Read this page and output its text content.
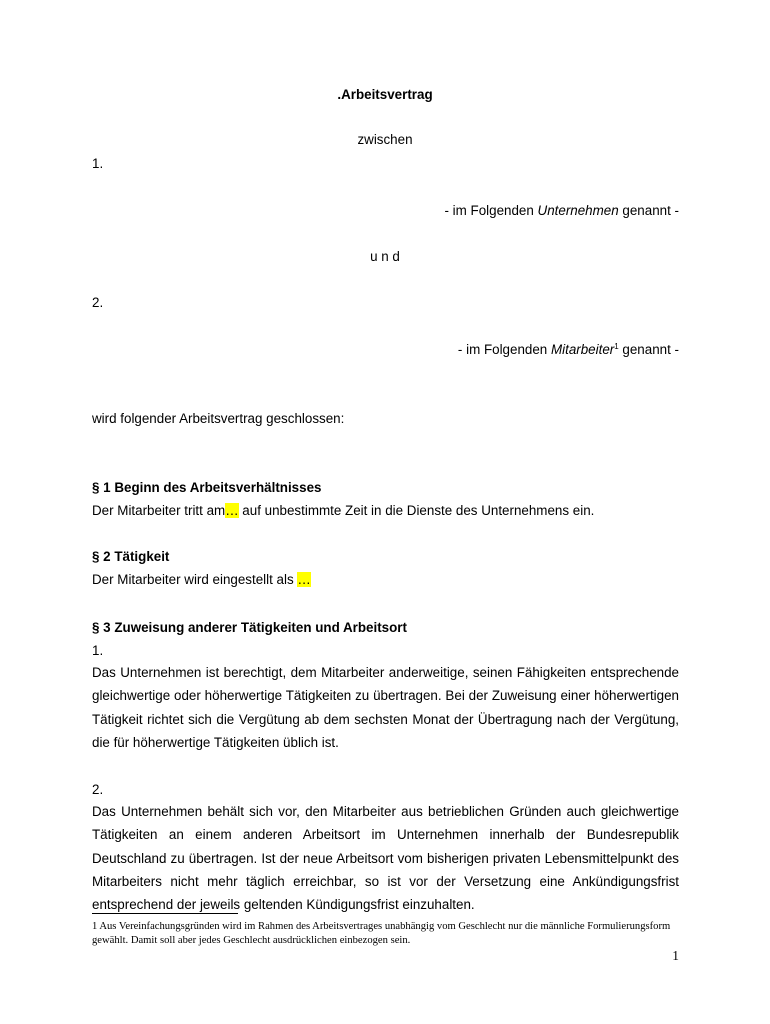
.Arbeitsvertrag
zwischen
1.
- im Folgenden Unternehmen genannt -
u n d
2.
- im Folgenden Mitarbeiter$^1$ genannt -
wird folgender Arbeitsvertrag geschlossen:
§ 1 Beginn des Arbeitsverhältnisses
Der Mitarbeiter tritt am… auf unbestimmte Zeit in die Dienste des Unternehmens ein.
§ 2 Tätigkeit
Der Mitarbeiter wird eingestellt als …
§ 3 Zuweisung anderer Tätigkeiten und Arbeitsort
1.
Das Unternehmen ist berechtigt, dem Mitarbeiter anderweitige, seinen Fähigkeiten entsprechende gleichwertige oder höherwertige Tätigkeiten zu übertragen. Bei der Zuweisung einer höherwertigen Tätigkeit richtet sich die Vergütung ab dem sechsten Monat der Übertragung nach der Vergütung, die für höherwertige Tätigkeiten üblich ist.
2.
Das Unternehmen behält sich vor, den Mitarbeiter aus betrieblichen Gründen auch gleichwertige Tätigkeiten an einem anderen Arbeitsort im Unternehmen innerhalb der Bundesrepublik Deutschland zu übertragen. Ist der neue Arbeitsort vom bisherigen privaten Lebensmittelpunkt des Mitarbeiters nicht mehr täglich erreichbar, so ist vor der Versetzung eine Ankündigungsfrist entsprechend der jeweils geltenden Kündigungsfrist einzuhalten.
1 Aus Vereinfachungsgründen wird im Rahmen des Arbeitsvertrages unabhängig vom Geschlecht nur die männliche Formulierungsform gewählt. Damit soll aber jedes Geschlecht ausdrücklichen einbezogen sein.
1
